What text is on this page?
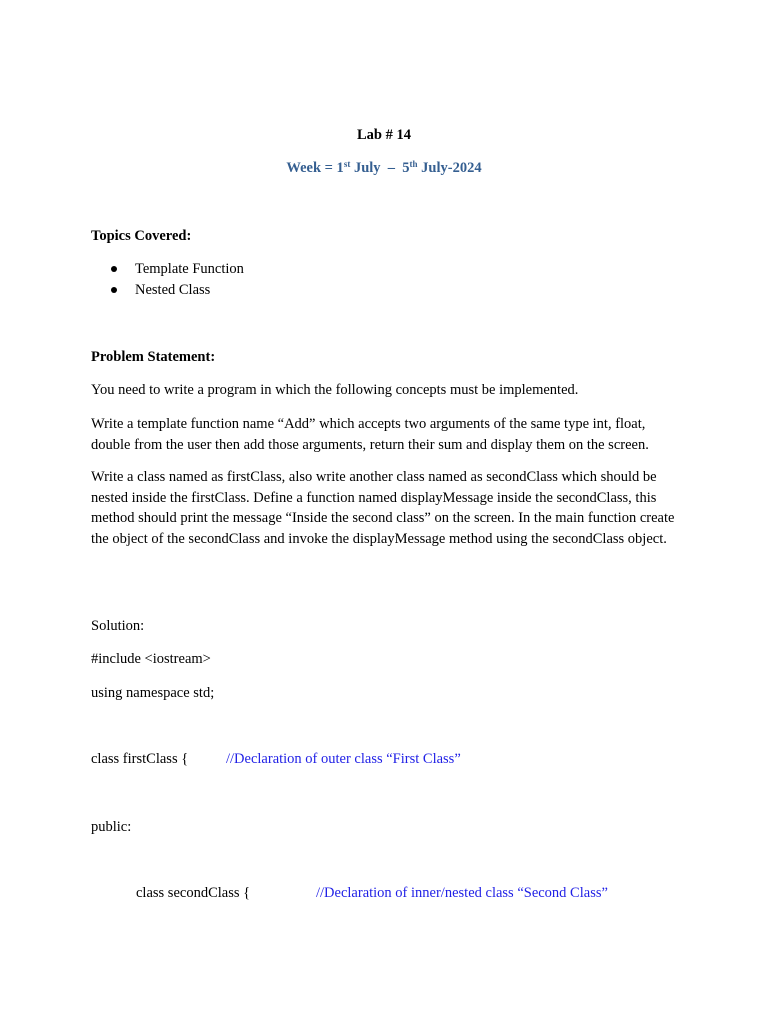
Lab # 14
Week = 1st July  –  5th July-2024
Topics Covered:
Template Function
Nested Class
Problem Statement:

You need to write a program in which the following concepts must be implemented.

Write a template function name “Add” which accepts two arguments of the same type int, float, double from the user then add those arguments, return their sum and display them on the screen.

Write a class named as firstClass, also write another class named as secondClass which should be nested inside the firstClass. Define a function named displayMessage inside the secondClass, this method should print the message “Inside the second class” on the screen. In the main function create the object of the secondClass and invoke the displayMessage method using the secondClass object.

Solution:
#include <iostream>
using namespace std;
class firstClass {	//Declaration of outer class “First Class”
public:
class secondClass {	//Declaration of inner/nested class “Second Class”
